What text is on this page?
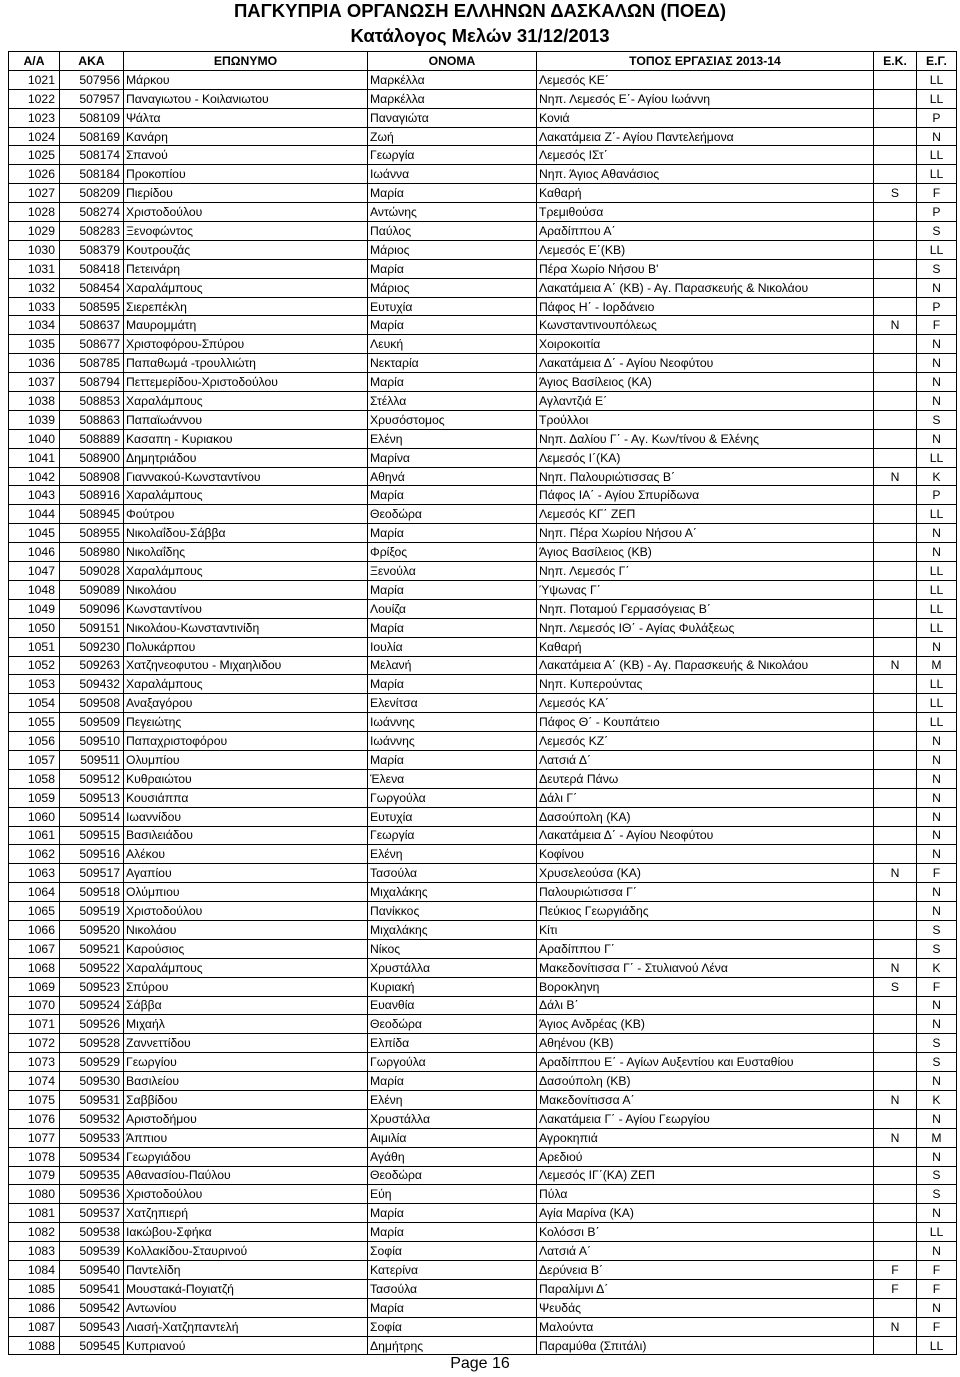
ΠΑΓΚΥΠΡΙΑ ΟΡΓΑΝΩΣΗ ΕΛΛΗΝΩΝ ΔΑΣΚΑΛΩΝ (ΠΟΕΔ)
Κατάλογος Μελών 31/12/2013
Α/Α	ΑΚΑ	ΕΠΩΝΥΜΟ	ΟΝΟΜΑ	ΤΟΠΟΣ ΕΡΓΑΣΙΑΣ 2013-14	Ε.Κ.	Ε.Γ.
1021	507956	Μάρκου	Μαρκέλλα	Λεμεσός ΚΕ΄		LL
1022	507957	Παναγιωτου - Κοιλανιωτου	Μαρκέλλα	Νηπ. Λεμεσός Ε΄- Αγίου Ιωάννη		LL
1023	508109	Ψάλτα	Παναγιώτα	Κονιά		P
1024	508169	Κανάρη	Ζωή	Λακατάμεια Ζ΄- Αγίου Παντελεήμονα		N
1025	508174	Σπανού	Γεωργία	Λεμεσός ΙΣτ΄		LL
1026	508184	Προκοπίου	Ιωάννα	Νηπ. Άγιος Αθανάσιος		LL
1027	508209	Πιερίδου	Μαρία	Καθαρή	S	F
1028	508274	Χριστοδούλου	Αντώνης	Τρεμιθούσα		P
1029	508283	Ξενοφώντος	Παύλος	Αραδίππου Α΄		S
1030	508379	Κουτρουζάς	Μάριος	Λεμεσός Ε΄(ΚΒ)		LL
1031	508418	Πετεινάρη	Μαρία	Πέρα Χωρίο Νήσου Β'		S
1032	508454	Χαραλάμπους	Μάριος	Λακατάμεια Α΄ (ΚΒ) - Αγ. Παρασκευής & Νικολάου		N
1033	508595	Σιερεπέκλη	Ευτυχία	Πάφος Η΄ - Ιορδάνειο		P
1034	508637	Μαυρομμάτη	Μαρία	Κωνσταντινουπόλεως	N	F
1035	508677	Χριστοφόρου-Σπύρου	Λευκή	Χοιροκοιτία		N
1036	508785	Παπαθωμά -τρουλλιώτη	Νεκταρία	Λακατάμεια Δ΄ - Αγίου Νεοφύτου		N
1037	508794	Πεττεμερίδου-Χριστοδούλου	Μαρία	Άγιος Βασίλειος (ΚΑ)		N
1038	508853	Χαραλάμπους	Στέλλα	Αγλαντζιά Ε΄		N
1039	508863	Παπαϊωάννου	Χρυσόστομος	Τρούλλοι		S
1040	508889	Κασαπη - Κυριακου	Ελένη	Νηπ. Δαλίου Γ΄ - Αγ. Κων/τίνου & Ελένης		N
1041	508900	Δημητριάδου	Μαρίνα	Λεμεσός Ι΄(ΚΑ)		LL
1042	508908	Γιαννακού-Κωνσταντίνου	Αθηνά	Νηπ. Παλουριώτισσας Β΄	N	K
1043	508916	Χαραλάμπους	Μαρία	Πάφος ΙΑ΄ - Αγίου Σπυρίδωνα		P
1044	508945	Φούτρου	Θεοδώρα	Λεμεσός ΚΓ΄ ΖΕΠ		LL
1045	508955	Νικολαΐδου-Σάββα	Μαρία	Νηπ. Πέρα Χωρίου Νήσου Α΄		N
1046	508980	Νικολαΐδης	Φρίξος	Άγιος Βασίλειος (ΚΒ)		N
1047	509028	Χαραλάμπους	Ξενούλα	Νηπ. Λεμεσός Γ΄		LL
1048	509089	Νικολάου	Μαρία	Ύψωνας Γ΄		LL
1049	509096	Κωνσταντίνου	Λουίζα	Νηπ. Ποταμού Γερμασόγειας Β΄		LL
1050	509151	Νικολάου-Κωνσταντινίδη	Μαρία	Νηπ. Λεμεσός ΙΘ΄ - Αγίας Φυλάξεως		LL
1051	509230	Πολυκάρπου	Ιουλία	Καθαρή		N
1052	509263	Χατζηνεοφυτου - Μιχαηλιδου	Μελανή	Λακατάμεια Α΄ (ΚΒ) - Αγ. Παρασκευής & Νικολάου	N	M
1053	509432	Χαραλάμπους	Μαρία	Νηπ. Κυπερούντας		LL
1054	509508	Αναξαγόρου	Ελενίτσα	Λεμεσός ΚΑ΄		LL
1055	509509	Πεγειώτης	Ιωάννης	Πάφος Θ΄ - Κουπάτειο		LL
1056	509510	Παπαχριστοφόρου	Ιωάννης	Λεμεσός ΚΖ΄		N
1057	509511	Ολυμπίου	Μαρία	Λατσιά Δ΄		N
1058	509512	Κυθραιώτου	Έλενα	Δευτερά Πάνω		N
1059	509513	Κουσιάππα	Γωργούλα	Δάλι Γ΄		N
1060	509514	Ιωαννίδου	Ευτυχία	Δασούπολη (ΚΑ)		N
1061	509515	Βασιλειάδου	Γεωργία	Λακατάμεια Δ΄ - Αγίου Νεοφύτου		N
1062	509516	Αλέκου	Ελένη	Κοφίνου		N
1063	509517	Αγαπίου	Τασούλα	Χρυσελεούσα (ΚΑ)	N	F
1064	509518	Ολύμπιου	Μιχαλάκης	Παλουριώτισσα Γ΄		N
1065	509519	Χριστοδούλου	Πανίκκος	Πεύκιος Γεωργιάδης		N
1066	509520	Νικολάου	Μιχαλάκης	Κίτι		S
1067	509521	Καρούσιος	Νίκος	Αραδίππου Γ΄		S
1068	509522	Χαραλάμπους	Χρυστάλλα	Μακεδονίτισσα Γ΄ - Στυλιανού Λένα	N	K
1069	509523	Σπύρου	Κυριακή	Βοροκληνη	S	F
1070	509524	Σάββα	Ευανθία	Δάλι Β΄		N
1071	509526	Μιχαήλ	Θεοδώρα	Άγιος Ανδρέας (ΚΒ)		N
1072	509528	Ζαννεττίδου	Ελπίδα	Αθηένου (ΚΒ)		S
1073	509529	Γεωργίου	Γωργούλα	Αραδίππου Ε΄ - Αγίων Αυξεντίου και Ευσταθίου		S
1074	509530	Βασιλείου	Μαρία	Δασούπολη (ΚΒ)		N
1075	509531	Σαββίδου	Ελένη	Μακεδονίτισσα Α΄	N	K
1076	509532	Αριστοδήμου	Χρυστάλλα	Λακατάμεια Γ΄ - Αγίου Γεωργίου		N
1077	509533	Άππιου	Αιμιλία	Αγροκηπιά	N	M
1078	509534	Γεωργιάδου	Αγάθη	Αρεδιού		N
1079	509535	Αθανασίου-Παύλου	Θεοδώρα	Λεμεσός ΙΓ΄(ΚΑ) ΖΕΠ		S
1080	509536	Χριστοδούλου	Εύη	Πύλα		S
1081	509537	Χατζηπιερή	Μαρία	Αγία Μαρίνα (ΚΑ)		N
1082	509538	Ιακώβου-Σφήκα	Μαρία	Κολόσσι Β΄		LL
1083	509539	Κολλακίδου-Σταυρινού	Σοφία	Λατσιά Α΄		N
1084	509540	Παντελίδη	Κατερίνα	Δερύνεια Β΄	F	F
1085	509541	Μουστακά-Ποyιατζή	Τασούλα	Παραλίμνι Δ΄	F	F
1086	509542	Αντωνίου	Μαρία	Ψευδάς		N
1087	509543	Λιασή-Χατζηπαντελή	Σοφία	Μαλούντα	N	F
1088	509545	Κυπριανού	Δημήτρης	Παραμύθα (Σπιτάλι)		LL
Page 16
